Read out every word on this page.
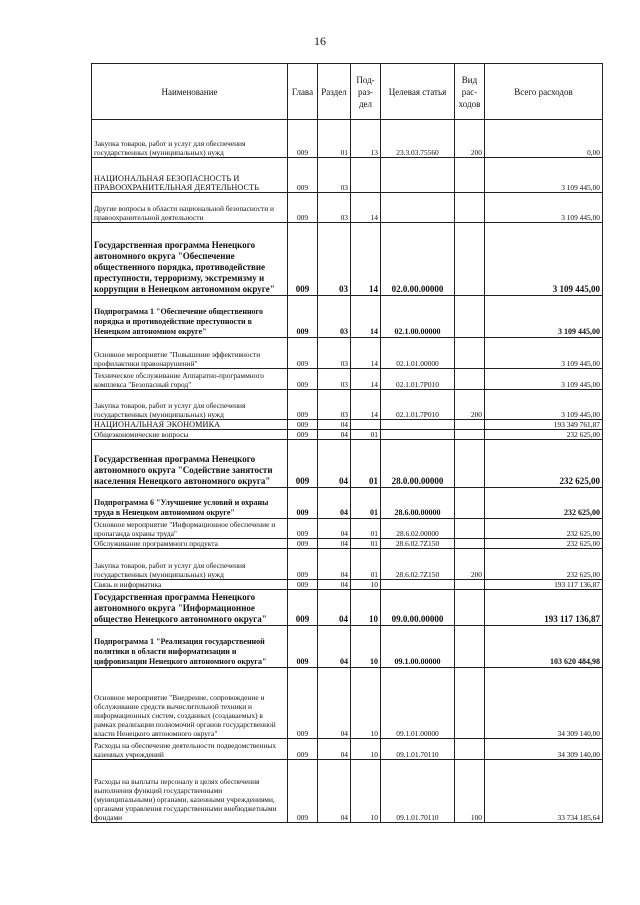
16
Наименование	Глава	Раздел	Под-раз-дел	Целевая статья	Вид рас-ходов	Всего расходов
Закупка товаров, работ и услуг для обеспечения государственных (муниципальных) нужд	009	01	13	23.3.03.75560	200	0,00
НАЦИОНАЛЬНАЯ БЕЗОПАСНОСТЬ И ПРАВООХРАНИТЕЛЬНАЯ ДЕЯТЕЛЬНОСТЬ	009	03				3 109 445,00
Другие вопросы в области национальной безопасности и правоохранительной деятельности	009	03	14			3 109 445,00
Государственная программа Ненецкого автономного округа "Обеспечение общественного порядка, противодействие преступности, терроризму, экстремизму и коррупции в Ненецком автономном округе"	009	03	14	02.0.00.00000		3 109 445,00
Подпрограмма 1 "Обеспечение общественного порядка и противодействие преступности в Ненецком автономном округе"	009	03	14	02.1.00.00000		3 109 445,00
Основное мероприятие "Повышение эффективности профилактики правонарушений"	009	03	14	02.1.01.00000		3 109 445,00
Техническое обслуживание Аппаратно-программного комплекса "Безопасный город"	009	03	14	02.1.01.7Р010		3 109 445,00
Закупка товаров, работ и услуг для обеспечения государственных (муниципальных) нужд	009	03	14	02.1.01.7Р010	200	3 109 445,00
НАЦИОНАЛЬНАЯ ЭКОНОМИКА	009	04				193 349 761,87
Общеэкономические вопросы	009	04	01			232 625,00
Государственная программа Ненецкого автономного округа "Содействие занятости населения Ненецкого автономного округа"	009	04	01	28.0.00.00000		232 625,00
Подпрограмма 6 "Улучшение условий и охраны труда в Ненецком автономном округе"	009	04	01	28.6.00.00000		232 625,00
Основное мероприятие "Информационное обеспечение и пропаганда охраны труда"	009	04	01	28.6.02.00000		232 625,00
Обслуживание программного продукта	009	04	01	28.6.02.7Z150		232 625,00
Закупка товаров, работ и услуг для обеспечения государственных (муниципальных) нужд	009	04	01	28.6.02.7Z150	200	232 625,00
Связь и информатика	009	04	10			193 117 136,87
Государственная программа Ненецкого автономного округа "Информационное общество Ненецкого автономного округа"	009	04	10	09.0.00.00000		193 117 136,87
Подпрограмма 1 "Реализация государственной политики в области информатизации и цифровизации Ненецкого автономного округа"	009	04	10	09.1.00.00000		103 620 484,98
Основное мероприятие "Внедрение, сопровождение и обслуживание средств вычислительной техники и информационных систем, созданных (создаваемых) в рамках реализации полномочий органов государственной власти Ненецкого автономного округа"	009	04	10	09.1.01.00000		34 309 140,00
Расходы на обеспечение деятельности подведомственных казенных учреждений	009	04	10	09.1.01.70110		34 309 140,00
Расходы на выплаты персоналу в целях обеспечения выполнения функций государственными (муниципальными) органами, казенными учреждениями, органами управления государственными внебюджетными фондами	009	04	10	09.1.01.70110	100	33 734 185,64
